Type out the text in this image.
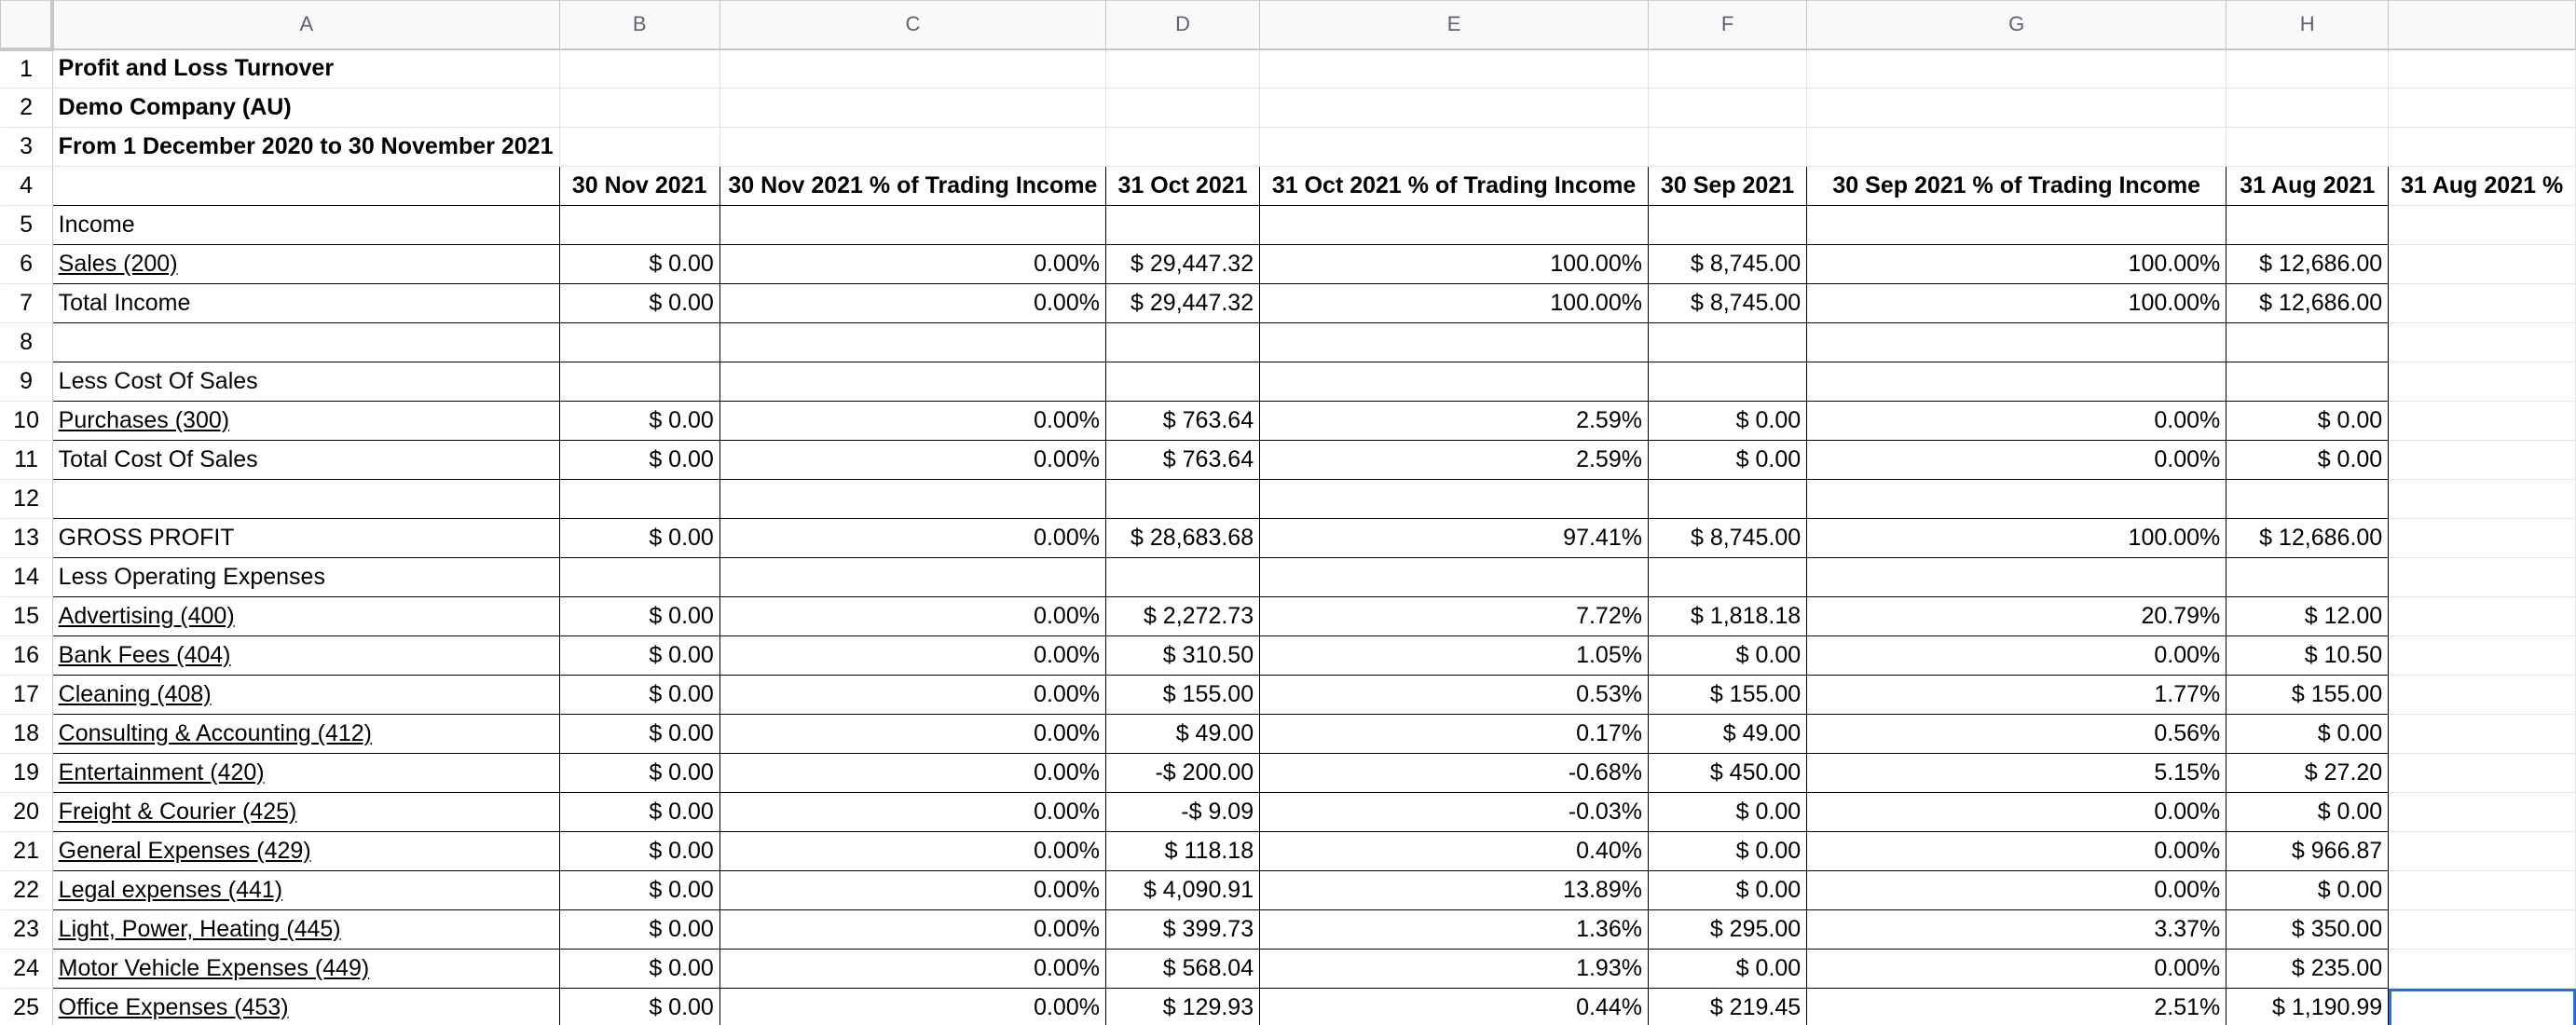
	A	B	C	D	E	F	G	H	
1	Profit and Loss Turnover								
2	Demo Company (AU)								
3	From 1 December 2020 to 30 November 2021								
4		30 Nov 2021	30 Nov 2021 % of Trading Income	31 Oct 2021	31 Oct 2021 % of Trading Income	30 Sep 2021	30 Sep 2021 % of Trading Income	31 Aug 2021	31 Aug 2021 %
5	Income								
6	Sales (200)	$ 0.00	0.00%	$ 29,447.32	100.00%	$ 8,745.00	100.00%	$ 12,686.00	
7	Total Income	$ 0.00	0.00%	$ 29,447.32	100.00%	$ 8,745.00	100.00%	$ 12,686.00	
8									
9	Less Cost Of Sales								
10	Purchases (300)	$ 0.00	0.00%	$ 763.64	2.59%	$ 0.00	0.00%	$ 0.00	
11	Total Cost Of Sales	$ 0.00	0.00%	$ 763.64	2.59%	$ 0.00	0.00%	$ 0.00	
12									
13	GROSS PROFIT	$ 0.00	0.00%	$ 28,683.68	97.41%	$ 8,745.00	100.00%	$ 12,686.00	
14	Less Operating Expenses								
15	Advertising (400)	$ 0.00	0.00%	$ 2,272.73	7.72%	$ 1,818.18	20.79%	$ 12.00	
16	Bank Fees (404)	$ 0.00	0.00%	$ 310.50	1.05%	$ 0.00	0.00%	$ 10.50	
17	Cleaning (408)	$ 0.00	0.00%	$ 155.00	0.53%	$ 155.00	1.77%	$ 155.00	
18	Consulting & Accounting (412)	$ 0.00	0.00%	$ 49.00	0.17%	$ 49.00	0.56%	$ 0.00	
19	Entertainment (420)	$ 0.00	0.00%	-$ 200.00	-0.68%	$ 450.00	5.15%	$ 27.20	
20	Freight & Courier (425)	$ 0.00	0.00%	-$ 9.09	-0.03%	$ 0.00	0.00%	$ 0.00	
21	General Expenses (429)	$ 0.00	0.00%	$ 118.18	0.40%	$ 0.00	0.00%	$ 966.87	
22	Legal expenses (441)	$ 0.00	0.00%	$ 4,090.91	13.89%	$ 0.00	0.00%	$ 0.00	
23	Light, Power, Heating (445)	$ 0.00	0.00%	$ 399.73	1.36%	$ 295.00	3.37%	$ 350.00	
24	Motor Vehicle Expenses (449)	$ 0.00	0.00%	$ 568.04	1.93%	$ 0.00	0.00%	$ 235.00	
25	Office Expenses (453)	$ 0.00	0.00%	$ 129.93	0.44%	$ 219.45	2.51%	$ 1,190.99	
